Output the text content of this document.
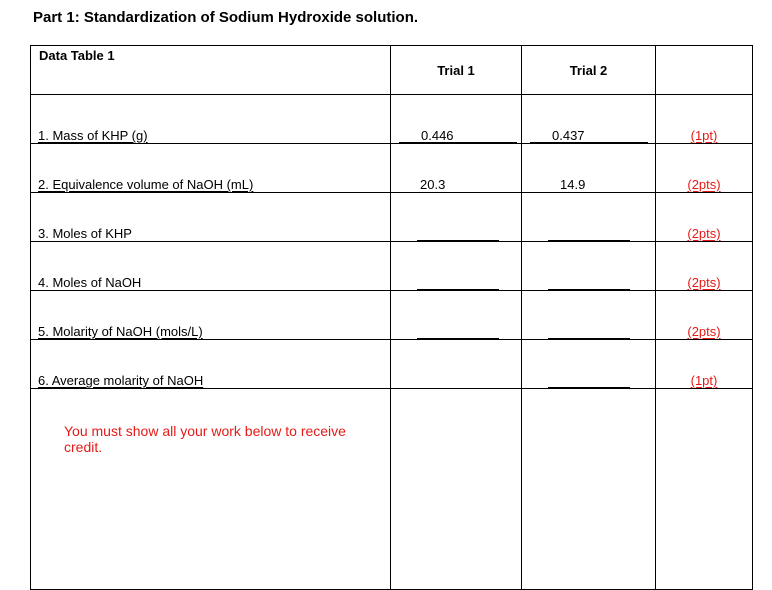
Part 1: Standardization of Sodium Hydroxide solution.
Data Table 1	Trial 1	Trial 2	

1. Mass of KHP (g)	0.446	0.437	(1pt)

2. Equivalence volume of NaOH (mL)	20.3	14.9	(2pts)

3. Moles of KHP			(2pts)

4. Moles of NaOH			(2pts)

5. Molarity of NaOH (mols/L)			(2pts)

6. Average molarity of NaOH			(1pt)

You must show all your work below to receive credit.			
